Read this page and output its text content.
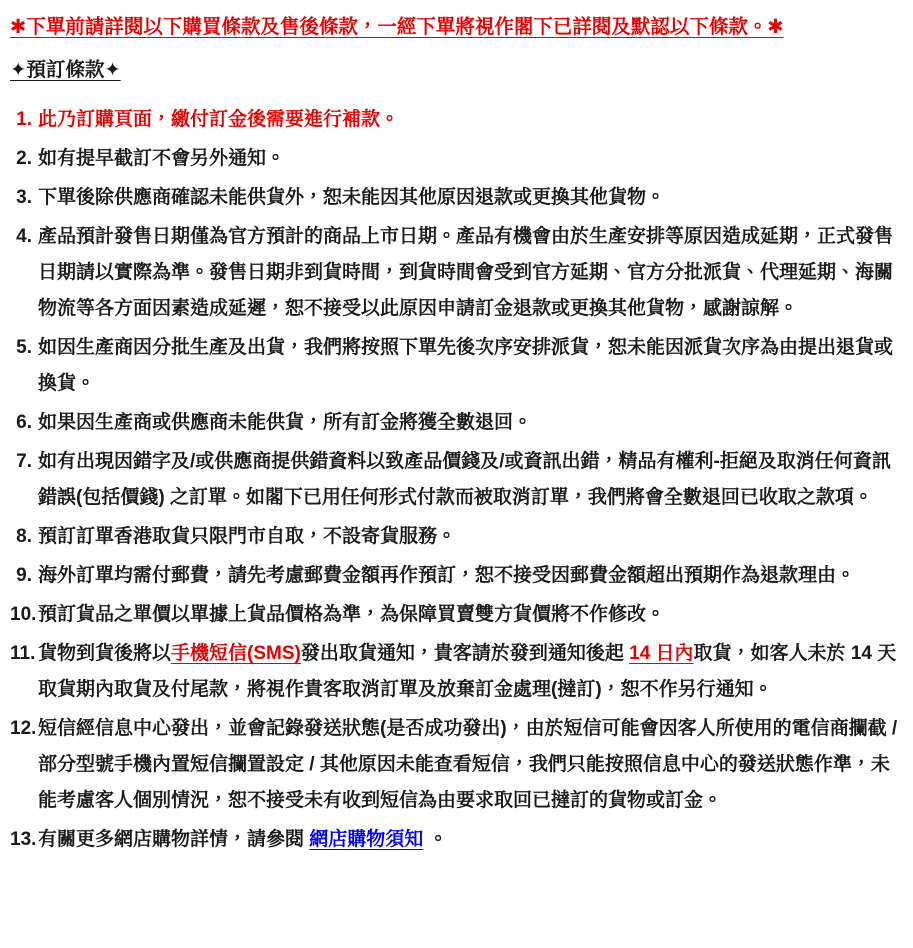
✱下單前請詳閱以下購買條款及售後條款，一經下單將視作閣下已詳閱及默認以下條款。✱
✦預訂條款✦
1. 此乃訂購頁面，繳付訂金後需要進行補款。
2. 如有提早截訂不會另外通知。
3. 下單後除供應商確認未能供貨外，恕未能因其他原因退款或更換其他貨物。
4. 產品預計發售日期僅為官方預計的商品上市日期。產品有機會由於生產安排等原因造成延期，正式發售日期請以實際為準。發售日期非到貨時間，到貨時間會受到官方延期、官方分批派貨、代理延期、海關物流等各方面因素造成延遲，恕不接受以此原因申請訂金退款或更換其他貨物，感謝諒解。
5. 如因生產商因分批生產及出貨，我們將按照下單先後次序安排派貨，恕未能因派貨次序為由提出退貨或換貨。
6. 如果因生產商或供應商未能供貨，所有訂金將獲全數退回。
7. 如有出現因錯字及/或供應商提供錯資料以致產品價錢及/或資訊出錯，精品有權利-拒絕及取消任何資訊錯誤(包括價錢) 之訂單。如閣下已用任何形式付款而被取消訂單，我們將會全數退回已收取之款項。
8. 預訂訂單香港取貨只限門市自取，不設寄貨服務。
9. 海外訂單均需付郵費，請先考慮郵費金額再作預訂，恕不接受因郵費金額超出預期作為退款理由。
10. 預訂貨品之單價以單據上貨品價格為準，為保障買賣雙方貨價將不作修改。
11. 貨物到貨後將以手機短信(SMS)發出取貨通知，貴客請於發到通知後起 14 日內取貨，如客人未於 14 天取貨期內取貨及付尾款，將視作貴客取消訂單及放棄訂金處理(撻訂)，恕不作另行通知。
12. 短信經信息中心發出，並會記錄發送狀態(是否成功發出)，由於短信可能會因客人所使用的電信商攔截 / 部分型號手機內置短信攔置設定 / 其他原因未能查看短信，我們只能按照信息中心的發送狀態作準，未能考慮客人個別情況，恕不接受未有收到短信為由要求取回已撻訂的貨物或訂金。
13. 有關更多網店購物詳情，請參閱 網店購物須知 。
